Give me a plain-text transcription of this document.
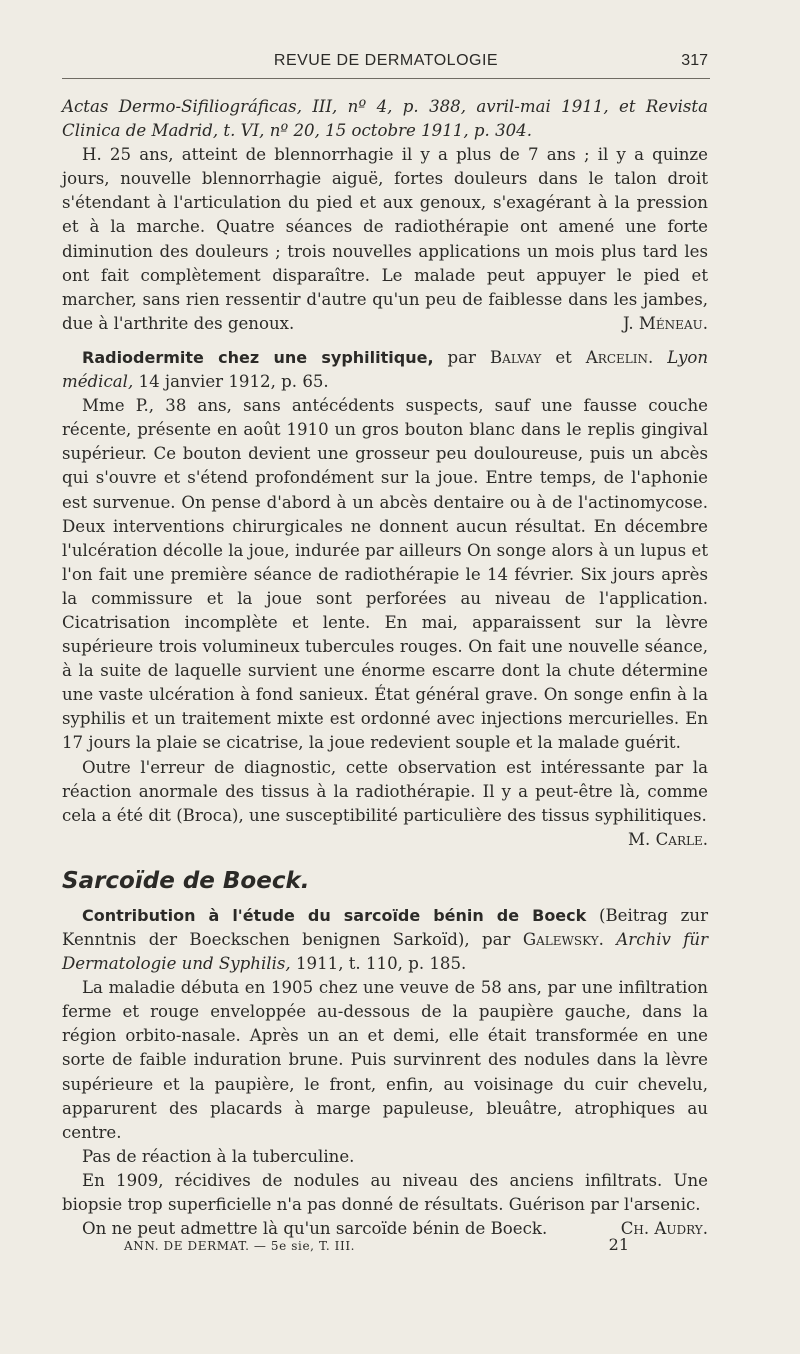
REVUE DE DERMATOLOGIE	317

Actas Dermo-Sifiliográficas, III, nº 4, p. 388, avril-mai 1911, et Revista Clinica de Madrid, t. VI, nº 20, 15 octobre 1911, p. 304.

H. 25 ans, atteint de blennorrhagie il y a plus de 7 ans ; il y a quinze jours, nouvelle blennorrhagie aiguë, fortes douleurs dans le talon droit s'étendant à l'articulation du pied et aux genoux, s'exagérant à la pression et à la marche. Quatre séances de radiothérapie ont amené une forte diminution des douleurs ; trois nouvelles applications un mois plus tard les ont fait complètement disparaître. Le malade peut appuyer le pied et marcher, sans rien ressentir d'autre qu'un peu de faiblesse dans les jambes, due à l'arthrite des genoux.	J. Méneau.

Radiodermite chez une syphilitique, par Balvay et Arcelin. Lyon médical, 14 janvier 1912, p. 65.

Mme P., 38 ans, sans antécédents suspects, sauf une fausse couche récente, présente en août 1910 un gros bouton blanc dans le replis gingival supérieur. Ce bouton devient une grosseur peu douloureuse, puis un abcès qui s'ouvre et s'étend profondément sur la joue. Entre temps, de l'aphonie est survenue. On pense d'abord à un abcès dentaire ou à de l'actinomycose. Deux interventions chirurgicales ne donnent aucun résultat. En décembre l'ulcération décolle la joue, indurée par ailleurs On songe alors à un lupus et l'on fait une première séance de radiothérapie le 14 février. Six jours après la commissure et la joue sont perforées au niveau de l'application. Cicatrisation incomplète et lente. En mai, apparaissent sur la lèvre supérieure trois volumineux tubercules rouges. On fait une nouvelle séance, à la suite de laquelle survient une énorme escarre dont la chute détermine une vaste ulcération à fond sanieux. État général grave. On songe enfin à la syphilis et un traitement mixte est ordonné avec injections mercurielles. En 17 jours la plaie se cicatrise, la joue redevient souple et la malade guérit.

Outre l'erreur de diagnostic, cette observation est intéressante par la réaction anormale des tissus à la radiothérapie. Il y a peut-être là, comme cela a été dit (Broca), une susceptibilité particulière des tissus syphilitiques.
M. Carle.

Sarcoïde de Boeck.

Contribution à l'étude du sarcoïde bénin de Boeck (Beitrag zur Kenntnis der Boeckschen benignen Sarkoïd), par Galewsky. Archiv für Dermatologie und Syphilis, 1911, t. 110, p. 185.

La maladie débuta en 1905 chez une veuve de 58 ans, par une infiltration ferme et rouge enveloppée au-dessous de la paupière gauche, dans la région orbito-nasale. Après un an et demi, elle était transformée en une sorte de faible induration brune. Puis survinrent des nodules dans la lèvre supérieure et la paupière, le front, enfin, au voisinage du cuir chevelu, apparurent des placards à marge papuleuse, bleuâtre, atrophiques au centre.

Pas de réaction à la tuberculine.

En 1909, récidives de nodules au niveau des anciens infiltrats. Une biopsie trop superficielle n'a pas donné de résultats. Guérison par l'arsenic.

On ne peut admettre là qu'un sarcoïde bénin de Boeck.	Ch. Audry.

ANN. DE DERMAT. — 5e sie, T. III.	21
